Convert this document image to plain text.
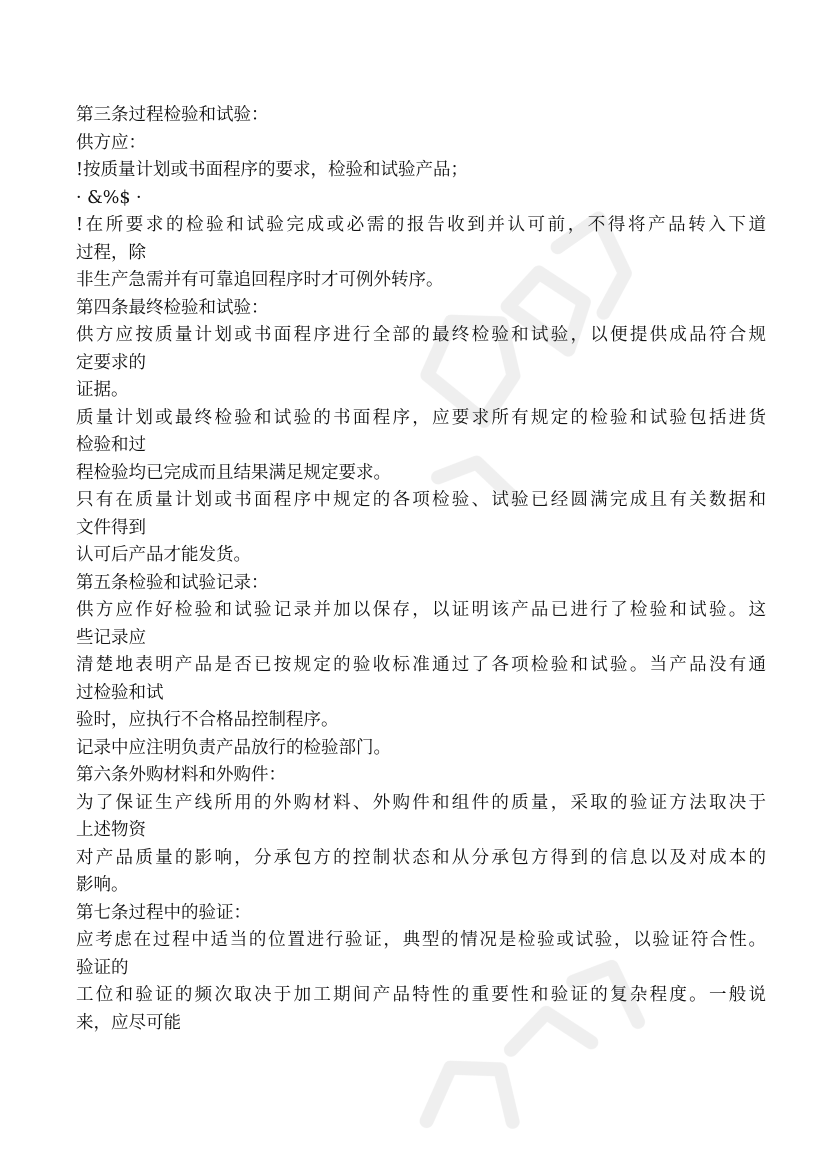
第三条过程检验和试验：
供方应：
!按质量计划或书面程序的要求，检验和试验产品；
· &%$ ·
!在所要求的检验和试验完成或必需的报告收到并认可前，不得将产品转入下道
过程，除
非生产急需并有可靠追回程序时才可例外转序。
第四条最终检验和试验：
供方应按质量计划或书面程序进行全部的最终检验和试验，以便提供成品符合规
定要求的
证据。
质量计划或最终检验和试验的书面程序，应要求所有规定的检验和试验包括进货
检验和过
程检验均已完成而且结果满足规定要求。
只有在质量计划或书面程序中规定的各项检验、试验已经圆满完成且有关数据和
文件得到
认可后产品才能发货。
第五条检验和试验记录：
供方应作好检验和试验记录并加以保存，以证明该产品已进行了检验和试验。这
些记录应
清楚地表明产品是否已按规定的验收标准通过了各项检验和试验。当产品没有通
过检验和试
验时，应执行不合格品控制程序。
记录中应注明负责产品放行的检验部门。
第六条外购材料和外购件：
为了保证生产线所用的外购材料、外购件和组件的质量，采取的验证方法取决于
上述物资
对产品质量的影响，分承包方的控制状态和从分承包方得到的信息以及对成本的
影响。
第七条过程中的验证：
应考虑在过程中适当的位置进行验证，典型的情况是检验或试验，以验证符合性。
验证的
工位和验证的频次取决于加工期间产品特性的重要性和验证的复杂程度。一般说
来，应尽可能
